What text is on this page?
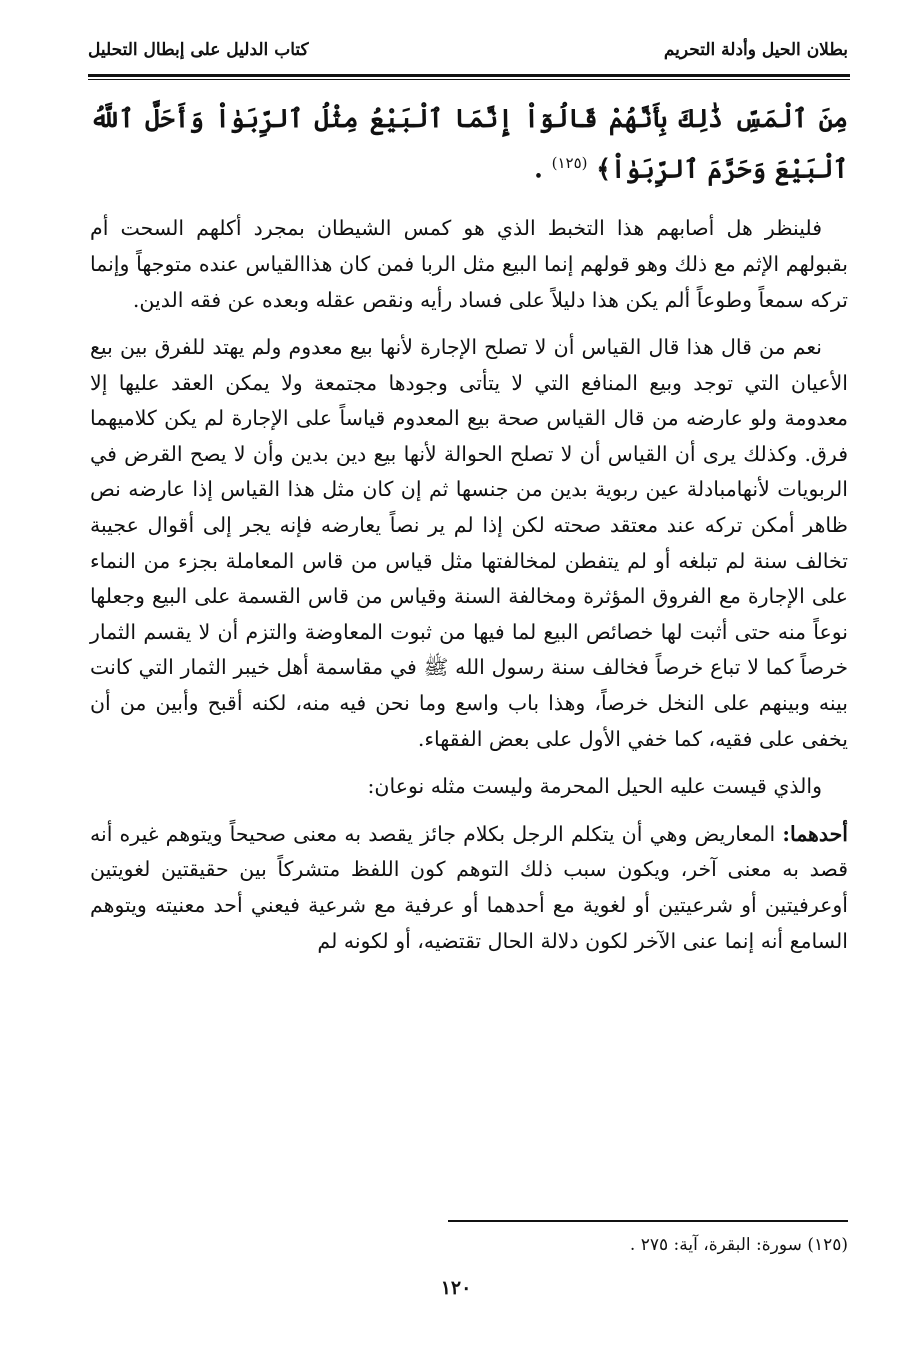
بطلان الحيل وأدلة التحريم
كتاب الدليل على إبطال التحليل

مِنَ ٱلْمَسِّ ذَٰلِكَ بِأَنَّهُمْ قَالُوٓاْ إِنَّمَا ٱلْبَيْعُ مِثْلُ ٱلرِّبَوٰاْ وَأَحَلَّ ٱللَّهُ ٱلْبَيْعَ وَحَرَّمَ ٱلرِّبَوٰاْ﴾ $^{(١٢٥)}$ .

فلينظر هل أصابهم هذا التخبط الذي هو كمس الشيطان بمجرد أكلهم السحت أم بقبولهم الإثم مع ذلك وهو قولهم إنما البيع مثل الربا فمن كان هذاالقياس عنده متوجهاً وإنما تركه سمعاً وطوعاً ألم يكن هذا دليلاً على فساد رأيه ونقص عقله وبعده عن فقه الدين.

نعم من قال هذا قال القياس أن لا تصلح الإجارة لأنها بيع معدوم ولم يهتد للفرق بين بيع الأعيان التي توجد وبيع المنافع التي لا يتأتى وجودها مجتمعة ولا يمكن العقد عليها إلا معدومة ولو عارضه من قال القياس صحة بيع المعدوم قياساً على الإجارة لم يكن كلاميهما فرق. وكذلك يرى أن القياس أن لا تصلح الحوالة لأنها بيع دين بدين وأن لا يصح القرض في الربويات لأنهامبادلة عين ربوية بدين من جنسها ثم إن كان مثل هذا القياس إذا عارضه نص ظاهر أمكن تركه عند معتقد صحته لكن إذا لم ير نصاً يعارضه فإنه يجر إلى أقوال عجيبة تخالف سنة لم تبلغه أو لم يتفطن لمخالفتها مثل قياس من قاس المعاملة بجزء من النماء على الإجارة مع الفروق المؤثرة ومخالفة السنة وقياس من قاس القسمة على البيع وجعلها نوعاً منه حتى أثبت لها خصائص البيع لما فيها من ثبوت المعاوضة والتزم أن لا يقسم الثمار خرصاً كما لا تباع خرصاً فخالف سنة رسول الله ﷺ في مقاسمة أهل خيبر الثمار التي كانت بينه وبينهم على النخل خرصاً، وهذا باب واسع وما نحن فيه منه، لكنه أقبح وأبين من أن يخفى على فقيه، كما خفي الأول على بعض الفقهاء.

والذي قيست عليه الحيل المحرمة وليست مثله نوعان:

أحدهما: المعاريض وهي أن يتكلم الرجل بكلام جائز يقصد به معنى صحيحاً ويتوهم غيره أنه قصد به معنى آخر، ويكون سبب ذلك التوهم كون اللفظ متشركاً بين حقيقتين لغويتين أوعرفيتين أو شرعيتين أو لغوية مع أحدهما أو عرفية مع شرعية فيعني أحد معنيته ويتوهم السامع أنه إنما عنى الآخر لكون دلالة الحال تقتضيه، أو لكونه لم

(١٢٥) سورة: البقرة، آية: ٢٧٥ .
١٢٠
